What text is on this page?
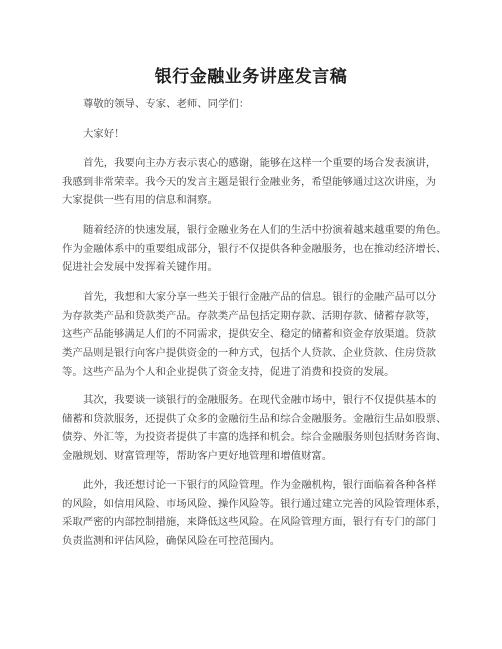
银行金融业务讲座发言稿
尊敬的领导、专家、老师、同学们：
大家好！
首先，我要向主办方表示衷心的感谢，能够在这样一个重要的场合发表演讲，
我感到非常荣幸。我今天的发言主题是银行金融业务，希望能够通过这次讲座，为
大家提供一些有用的信息和洞察。
随着经济的快速发展，银行金融业务在人们的生活中扮演着越来越重要的角色。
作为金融体系中的重要组成部分，银行不仅提供各种金融服务，也在推动经济增长、
促进社会发展中发挥着关键作用。
首先，我想和大家分享一些关于银行金融产品的信息。银行的金融产品可以分
为存款类产品和贷款类产品。存款类产品包括定期存款、活期存款、储蓄存款等，
这些产品能够满足人们的不同需求，提供安全、稳定的储蓄和资金存放渠道。贷款
类产品则是银行向客户提供资金的一种方式，包括个人贷款、企业贷款、住房贷款
等。这些产品为个人和企业提供了资金支持，促进了消费和投资的发展。
其次，我要谈一谈银行的金融服务。在现代金融市场中，银行不仅提供基本的
储蓄和贷款服务，还提供了众多的金融衍生品和综合金融服务。金融衍生品如股票、
债券、外汇等，为投资者提供了丰富的选择和机会。综合金融服务则包括财务咨询、
金融规划、财富管理等，帮助客户更好地管理和增值财富。
此外，我还想讨论一下银行的风险管理。作为金融机构，银行面临着各种各样
的风险，如信用风险、市场风险、操作风险等。银行通过建立完善的风险管理体系，
采取严密的内部控制措施，来降低这些风险。在风险管理方面，银行有专门的部门
负责监测和评估风险，确保风险在可控范围内。
